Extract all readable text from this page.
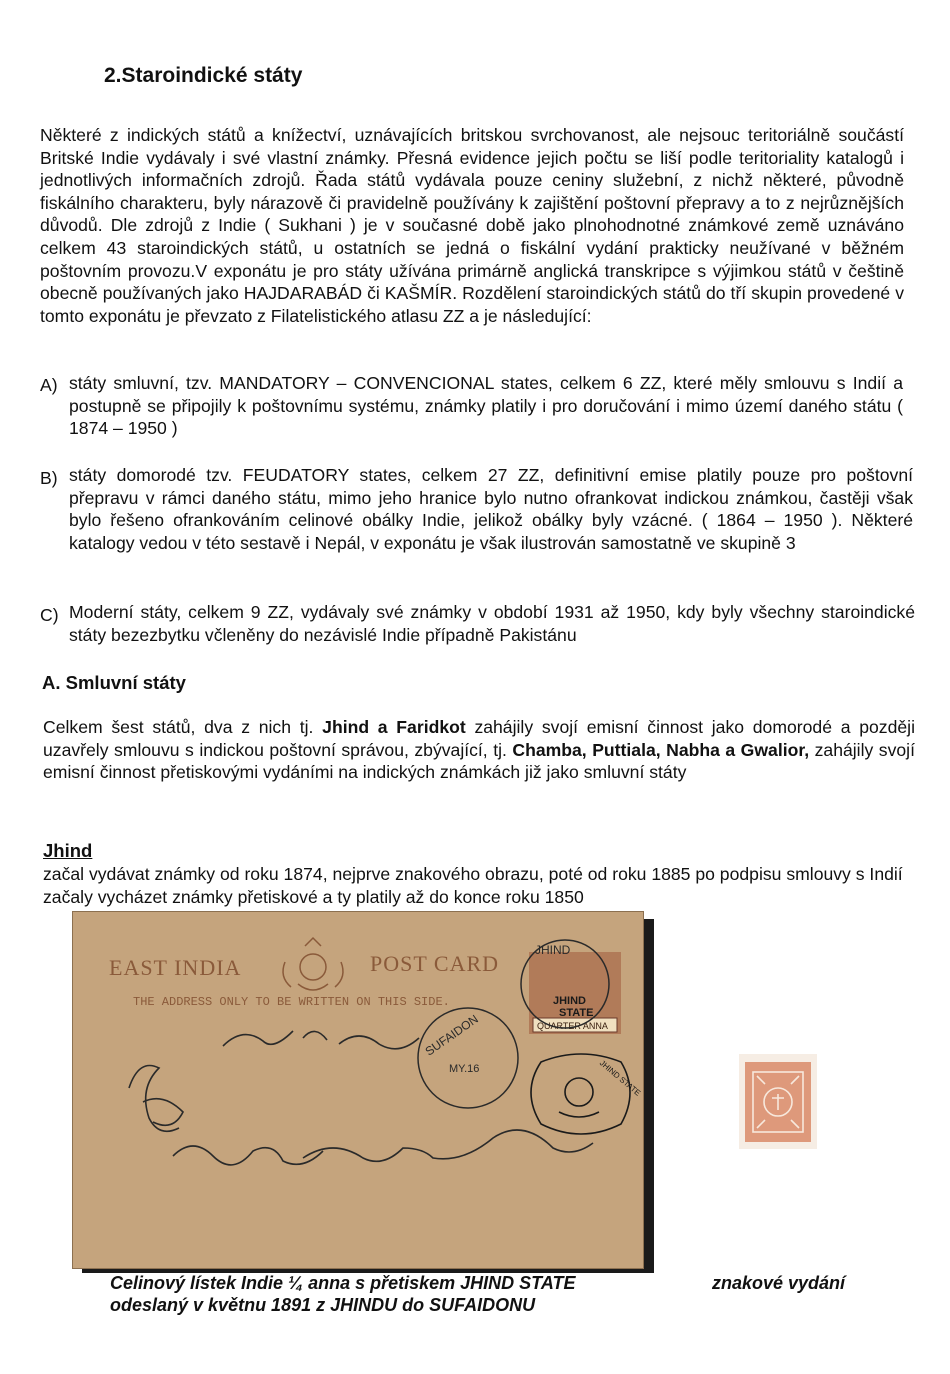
2.Staroindické státy
Některé z indických států a knížectví, uznávajících britskou svrchovanost, ale nejsouc teritoriálně součástí Britské Indie vydávaly i své vlastní známky. Přesná evidence jejich počtu se liší podle teritoriality katalogů i jednotlivých informačních zdrojů. Řada států vydávala pouze ceniny služební, z nichž některé, původně fiskálního charakteru, byly nárazově či pravidelně používány k zajištění poštovní přepravy a to z nejrůznějších důvodů. Dle zdrojů z Indie ( Sukhani ) je v současné době jako plnohodnotné známkové země uznáváno celkem 43 staroindických států, u ostatních se jedná o fiskální vydání prakticky neužívané v běžném poštovním provozu.V exponátu je pro státy užívána primárně anglická transkripce s výjimkou států v češtině obecně používaných jako HAJDARABÁD či KAŠMÍR. Rozdělení staroindických států do tří skupin provedené v tomto exponátu je převzato z Filatelistického atlasu ZZ a je následující:
A) státy smluvní, tzv. MANDATORY – CONVENCIONAL states, celkem 6 ZZ, které měly smlouvu s Indií a postupně se připojily k poštovnímu systému, známky platily i pro doručování i mimo území daného státu ( 1874 – 1950 )
B) státy domorodé tzv. FEUDATORY states, celkem 27 ZZ, definitivní emise platily pouze pro poštovní přepravu v rámci daného státu, mimo jeho hranice bylo nutno ofrankovat indickou známkou, častěji však bylo řešeno ofrankováním celinové obálky Indie, jelikož obálky byly vzácné. ( 1864 – 1950 ). Některé katalogy vedou v této sestavě i Nepál, v exponátu je však ilustrován samostatně ve skupině 3
C) Moderní státy, celkem 9 ZZ, vydávaly své známky v období 1931 až 1950, kdy byly všechny staroindické státy bezezbytku včleněny do nezávislé Indie případně Pakistánu
A. Smluvní státy
Celkem šest států, dva z nich tj. Jhind a Faridkot zahájily svojí emisní činnost jako domorodé a později uzavřely smlouvu s indickou poštovní správou, zbývající, tj. Chamba, Puttiala, Nabha a Gwalior, zahájily svojí emisní činnost přetiskovými vydáními na indických známkách již jako smluvní státy
Jhind
začal vydávat známky od roku 1874, nejprve znakového obrazu, poté od roku 1885 po podpisu smlouvy s Indií začaly vycházet známky přetiskové a ty platily až do konce roku 1850
EAST INDIA	POST CARD
THE ADDRESS ONLY TO BE WRITTEN ON THIS SIDE.
QUARTER ANNA
JHIND
STATE
JHIND
SUFAIDON
MY.16	JHIND STATE
Celinový lístek Indie ¼ anna s přetiskem JHIND STATE
odeslaný v květnu 1891 z JHINDU do SUFAIDONU
znakové vydání
